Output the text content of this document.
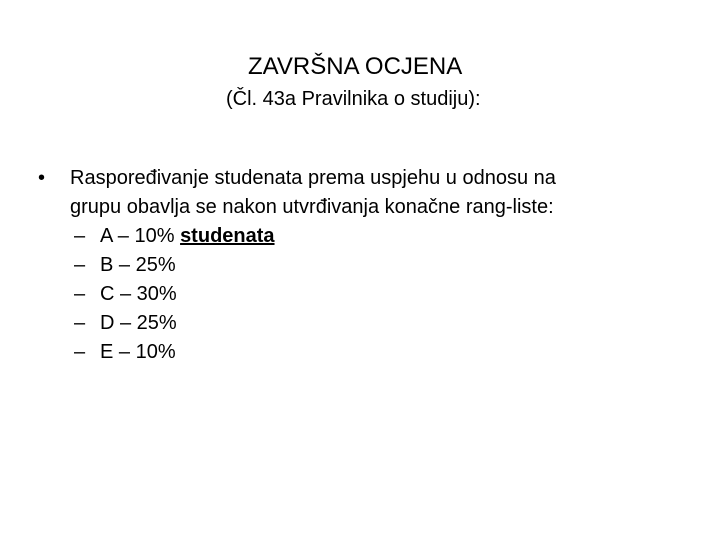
ZAVRŠNA OCJENA
(Čl. 43a Pravilnika o studiju):
• Raspoređivanje studenata prema uspjehu u odnosu na
grupu obavlja se nakon utvrđivanja konačne rang-liste:
– A – 10% studenata
– B – 25%
– C – 30%
– D – 25%
– E – 10%
